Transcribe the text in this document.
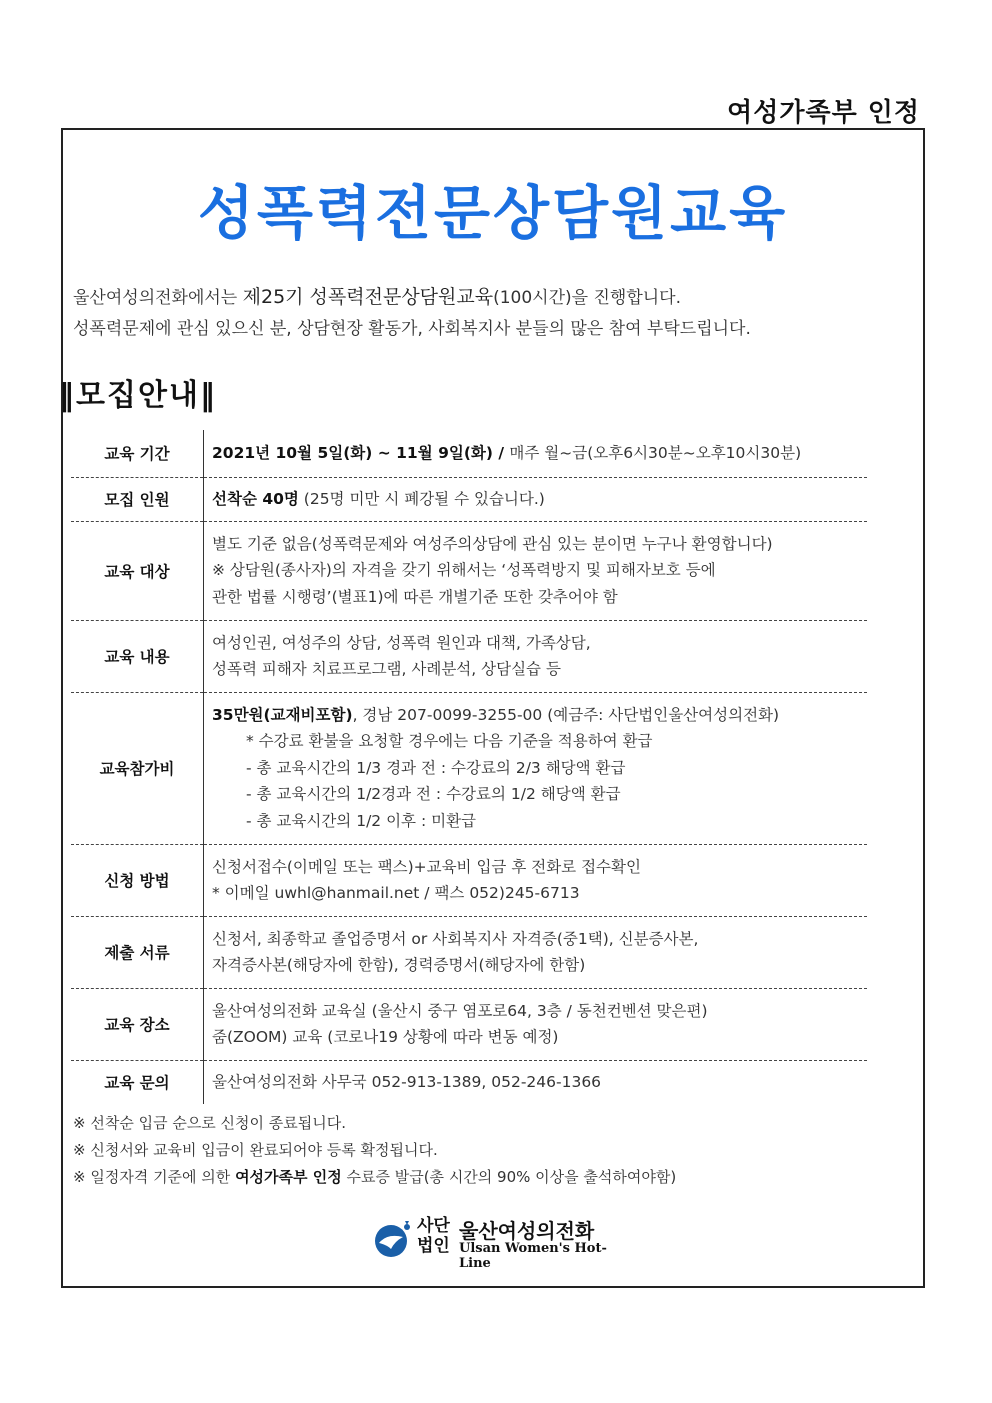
여성가족부 인정
성폭력전문상담원교육
울산여성의전화에서는 제25기 성폭력전문상담원교육(100시간)을 진행합니다.
성폭력문제에 관심 있으신 분, 상담현장 활동가, 사회복지사 분들의 많은 참여 부탁드립니다.
‖모집안내‖
교육 기간	2021년 10월 5일(화) ~ 11월 9일(화) / 매주 월~금(오후6시30분~오후10시30분)
모집 인원	선착순 40명 (25명 미만 시 폐강될 수 있습니다.)
교육 대상	별도 기준 없음(성폭력문제와 여성주의상담에 관심 있는 분이면 누구나 환영합니다)
※ 상담원(종사자)의 자격을 갖기 위해서는 ‘성폭력방지 및 피해자보호 등에
관한 법률 시행령’(별표1)에 따른 개별기준 또한 갖추어야 함

교육 내용	여성인권, 여성주의 상담, 성폭력 원인과 대책, 가족상담,
성폭력 피해자 치료프로그램, 사례분석, 상담실습 등

교육참가비	35만원(교재비포함), 경남 207-0099-3255-00 (예금주: 사단법인울산여성의전화)
* 수강료 환불을 요청할 경우에는 다음 기준을 적용하여 환급
- 총 교육시간의 1/3 경과 전 : 수강료의 2/3 해당액 환급
- 총 교육시간의 1/2경과 전 : 수강료의 1/2 해당액 환급
- 총 교육시간의 1/2 이후 : 미환급

신청 방법	신청서접수(이메일 또는 팩스)+교육비 입금 후 전화로 접수확인
* 이메일 uwhl@hanmail.net / 팩스 052)245-6713

제출 서류	신청서, 최종학교 졸업증명서 or 사회복지사 자격증(중1택), 신분증사본,
자격증사본(해당자에 한함), 경력증명서(해당자에 한함)

교육 장소	울산여성의전화 교육실 (울산시 중구 염포로64, 3층 / 동천컨벤션 맞은편)
줌(ZOOM) 교육 (코로나19 상황에 따라 변동 예정)

교육 문의	울산여성의전화 사무국 052-913-1389, 052-246-1366
※ 선착순 입금 순으로 신청이 종료됩니다.
※ 신청서와 교육비 입금이 완료되어야 등록 확정됩니다.
※ 일정자격 기준에 의한 여성가족부 인정 수료증 발급(총 시간의 90% 이상을 출석하여야함)
사단
법인
울산여성의전화
Ulsan Women's Hot-Line
